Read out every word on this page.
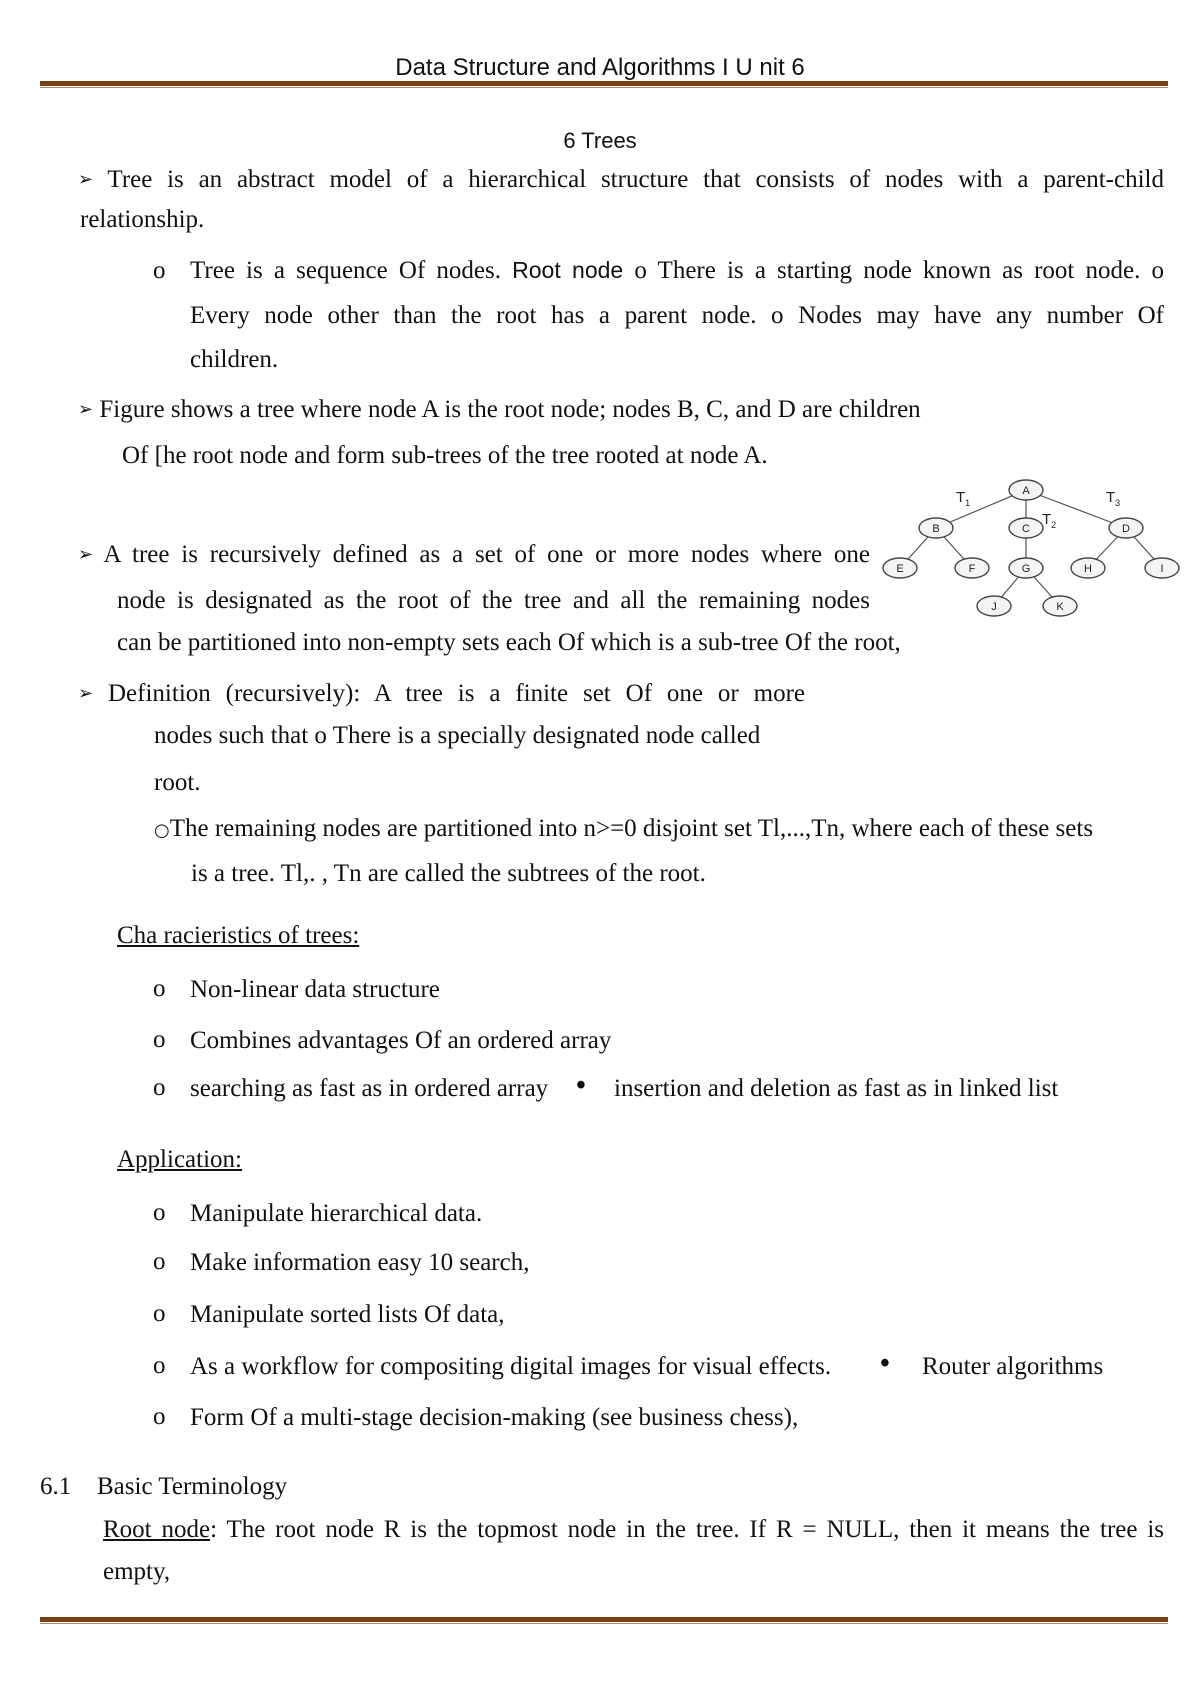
Data Structure and Algorithms I U nit 6
6 Trees
➢ Tree is an abstract model of a hierarchical structure that consists of nodes with a parent-child
relationship.
o Tree is a sequence Of nodes. Root node o There is a starting node known as root node. o
Every node other than the root has a parent node. o Nodes may have any number Of
children.
➢ Figure shows a tree where node A is the root node; nodes B, C, and D are children
Of [he root node and form sub-trees of the tree rooted at node A.
➢ A tree is recursively defined as a set of one or more nodes where one
node is designated as the root of the tree and all the remaining nodes
can be partitioned into non-empty sets each Of which is a sub-tree Of the root,
➢ Definition (recursively): A tree is a finite set Of one or more
nodes such that o There is a specially designated node called
root.
○The remaining nodes are partitioned into n>=0 disjoint set Tl,...,Tn, where each of these sets
is a tree. Tl,. , Tn are called the subtrees of the root.
$T_1$
$T_2$
$T_3$
A
B	C	D
E	F	G	H	I
J	K
Cha racieristics of trees:
o Non-linear data structure
o Combines advantages Of an ordered array
o searching as fast as in ordered array • insertion and deletion as fast as in linked list
Application:
o Manipulate hierarchical data.
o Make information easy 10 search,
o Manipulate sorted lists Of data,
o As a workflow for compositing digital images for visual effects. • Router algorithms
o Form Of a multi-stage decision-making (see business chess),
6.1 Basic Terminology
Root node: The root node R is the topmost node in the tree. If R = NULL, then it means the tree is
empty,
